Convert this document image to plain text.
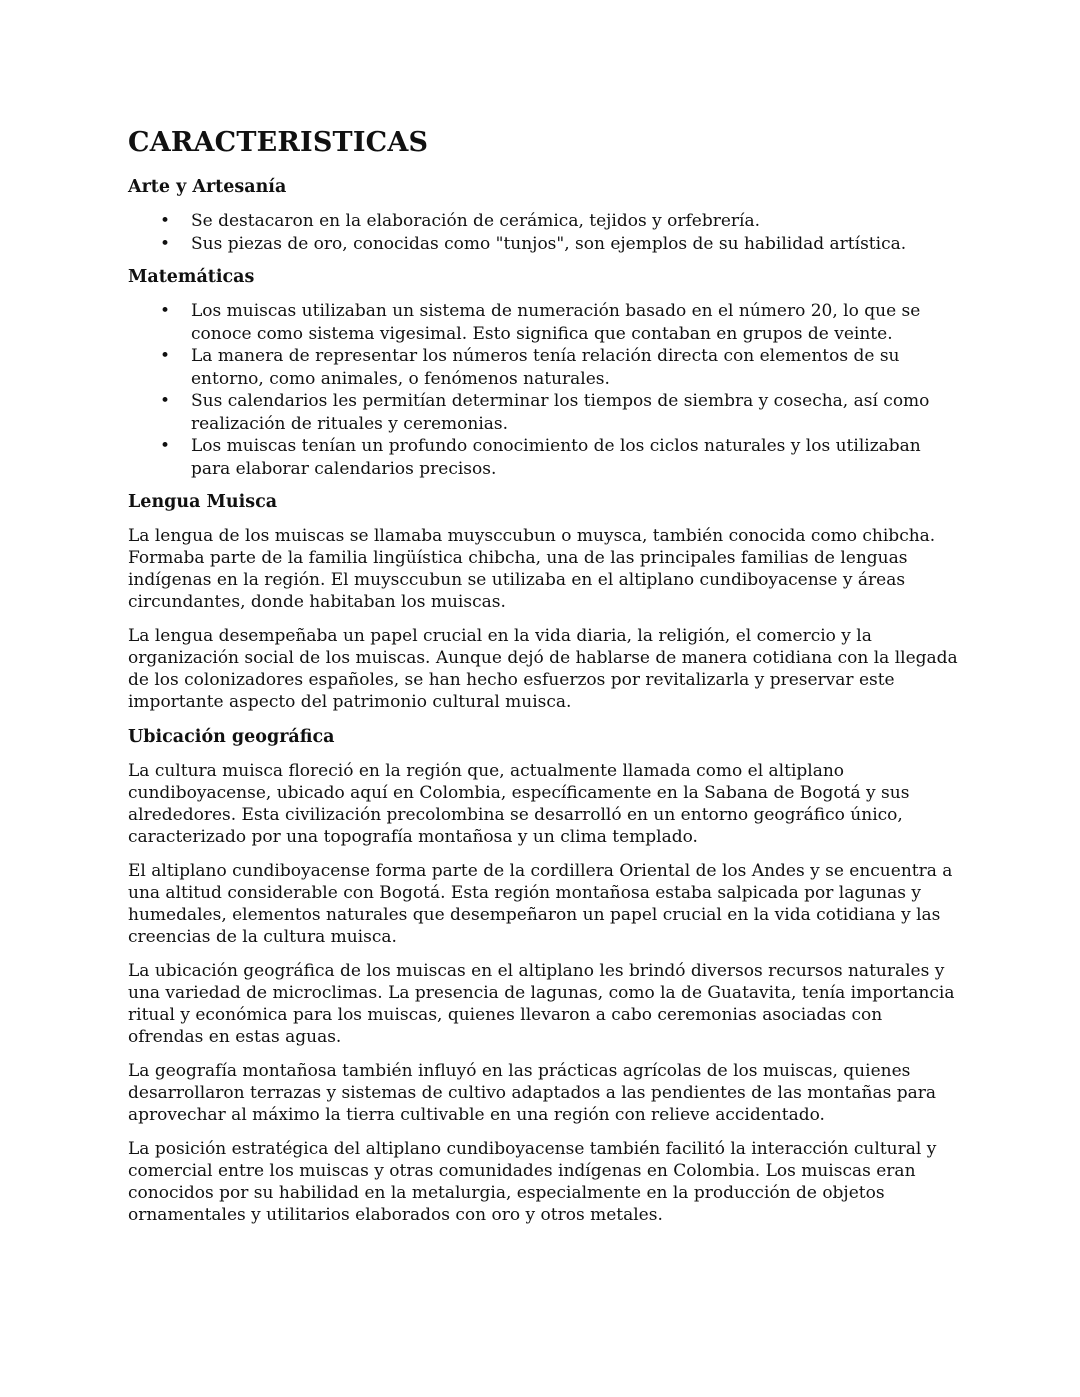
CARACTERISTICAS
Arte y Artesanía
• Se destacaron en la elaboración de cerámica, tejidos y orfebrería.
• Sus piezas de oro, conocidas como "tunjos", son ejemplos de su habilidad artística.
Matemáticas
• Los muiscas utilizaban un sistema de numeración basado en el número 20, lo que se conoce como sistema vigesimal. Esto significa que contaban en grupos de veinte.
• La manera de representar los números tenía relación directa con elementos de su entorno, como animales, o fenómenos naturales.
• Sus calendarios les permitían determinar los tiempos de siembra y cosecha, así como realización de rituales y ceremonias.
• Los muiscas tenían un profundo conocimiento de los ciclos naturales y los utilizaban para elaborar calendarios precisos.
Lengua Muisca

La lengua de los muiscas se llamaba muysccubun o muysca, también conocida como chibcha. Formaba parte de la familia lingüística chibcha, una de las principales familias de lenguas indígenas en la región. El muysccubun se utilizaba en el altiplano cundiboyacense y áreas circundantes, donde habitaban los muiscas.

La lengua desempeñaba un papel crucial en la vida diaria, la religión, el comercio y la organización social de los muiscas. Aunque dejó de hablarse de manera cotidiana con la llegada de los colonizadores españoles, se han hecho esfuerzos por revitalizarla y preservar este importante aspecto del patrimonio cultural muisca.

Ubicación geográfica

La cultura muisca floreció en la región que, actualmente llamada como el altiplano cundiboyacense, ubicado aquí en Colombia, específicamente en la Sabana de Bogotá y sus alrededores. Esta civilización precolombina se desarrolló en un entorno geográfico único, caracterizado por una topografía montañosa y un clima templado.

El altiplano cundiboyacense forma parte de la cordillera Oriental de los Andes y se encuentra a una altitud considerable con Bogotá. Esta región montañosa estaba salpicada por lagunas y humedales, elementos naturales que desempeñaron un papel crucial en la vida cotidiana y las creencias de la cultura muisca.

La ubicación geográfica de los muiscas en el altiplano les brindó diversos recursos naturales y una variedad de microclimas. La presencia de lagunas, como la de Guatavita, tenía importancia ritual y económica para los muiscas, quienes llevaron a cabo ceremonias asociadas con ofrendas en estas aguas.

La geografía montañosa también influyó en las prácticas agrícolas de los muiscas, quienes desarrollaron terrazas y sistemas de cultivo adaptados a las pendientes de las montañas para aprovechar al máximo la tierra cultivable en una región con relieve accidentado.

La posición estratégica del altiplano cundiboyacense también facilitó la interacción cultural y comercial entre los muiscas y otras comunidades indígenas en Colombia. Los muiscas eran conocidos por su habilidad en la metalurgia, especialmente en la producción de objetos ornamentales y utilitarios elaborados con oro y otros metales.
